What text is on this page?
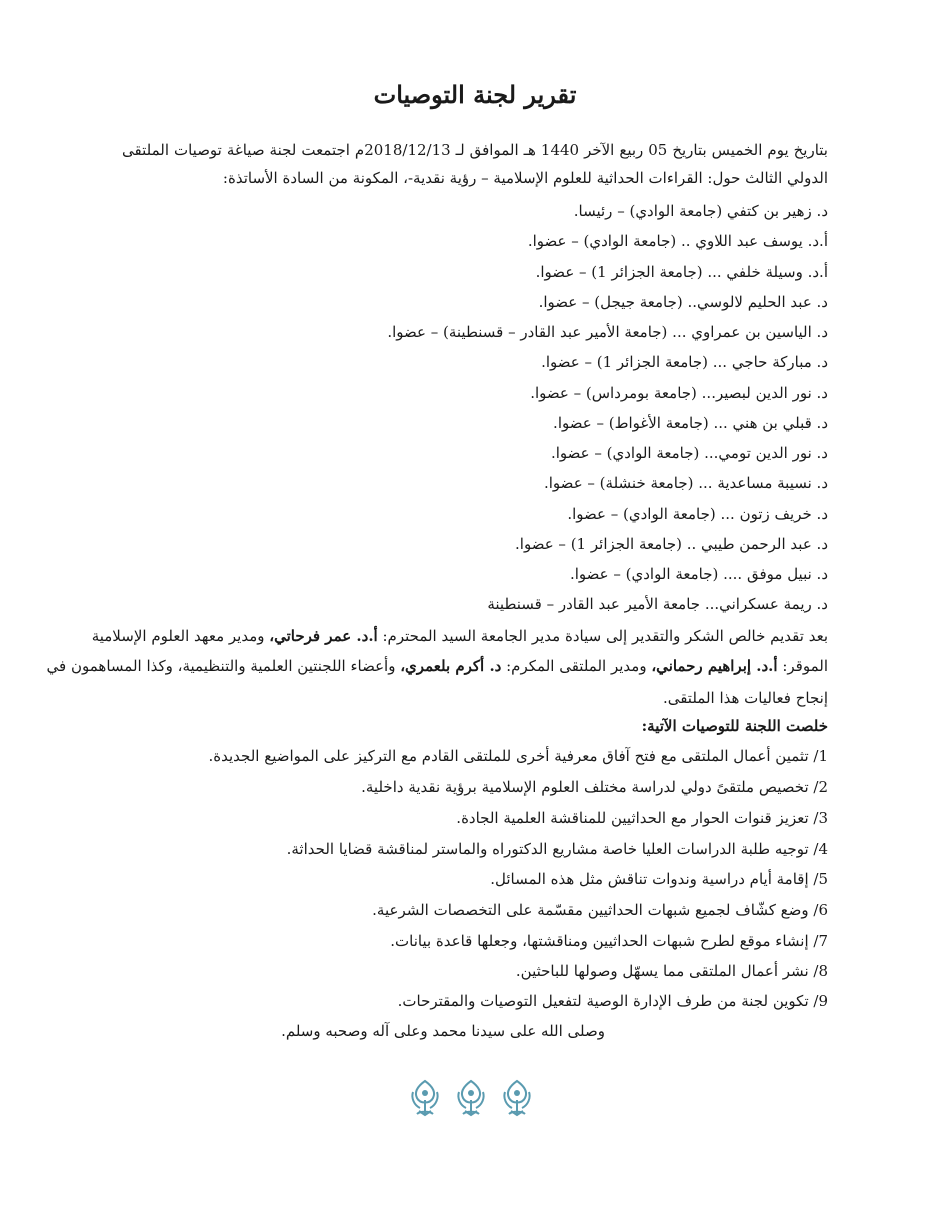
تقرير لجنة التوصيات

بتاريخ يوم الخميس بتاريخ 05 ربيع الآخر 1440 هـ الموافق لـ 2018/12/13م اجتمعت لجنة صياغة توصيات الملتقى

الدولي الثالث حول: القراءات الحداثية للعلوم الإسلامية – رؤية نقدية-، المكونة من السادة الأساتذة:

د. زهير بن كتفي (جامعة الوادي) – رئيسا.

أ.د. يوسف عبد اللاوي .. (جامعة الوادي) – عضوا.

أ.د. وسيلة خلفي ... (جامعة الجزائر 1) – عضوا.

د. عبد الحليم لالوسي.. (جامعة جيجل) – عضوا.

د. الياسين بن عمراوي ... (جامعة الأمير عبد القادر – قسنطينة) – عضوا.

د. مباركة حاجي ... (جامعة الجزائر 1) – عضوا.

د. نور الدين لبصير... (جامعة بومرداس) – عضوا.

د. قبلي بن هني ... (جامعة الأغواط) – عضوا.

د. نور الدين تومي... (جامعة الوادي) – عضوا.

د. نسيبة مساعدية ... (جامعة خنشلة) – عضوا.

د. خريف زتون ... (جامعة الوادي) – عضوا.

د. عبد الرحمن طيبي .. (جامعة الجزائر 1) – عضوا.

د. نبيل موفق .... (جامعة الوادي) – عضوا.

د. ريمة عسكراني... جامعة الأمير عبد القادر – قسنطينة

بعد تقديم خالص الشكر والتقدير إلى سيادة مدير الجامعة السيد المحترم: أ.د. عمر فرحاتي، ومدير معهد العلوم الإسلامية

الموقر: أ.د. إبراهيم رحماني، ومدير الملتقى المكرم: د. أكرم بلعمري، وأعضاء اللجنتين العلمية والتنظيمية، وكذا المساهمون في

إنجاح فعاليات هذا الملتقى.

خلصت اللجنة للتوصيات الآتية:

1/ تثمين أعمال الملتقى مع فتح آفاق معرفية أخرى للملتقى القادم مع التركيز على المواضيع الجديدة.

2/ تخصيص ملتقىً دولي لدراسة مختلف العلوم الإسلامية برؤية نقدية داخلية.

3/ تعزيز قنوات الحوار مع الحداثيين للمناقشة العلمية الجادة.

4/ توجيه طلبة الدراسات العليا خاصة مشاريع الدكتوراه والماستر لمناقشة قضايا الحداثة.

5/ إقامة أيام دراسية وندوات تناقش مثل هذه المسائل.

6/ وضع كشّاف لجميع شبهات الحداثيين مقسّمة على التخصصات الشرعية.

7/ إنشاء موقع لطرح شبهات الحداثيين ومناقشتها، وجعلها قاعدة بيانات.

8/ نشر أعمال الملتقى مما يسهّل وصولها للباحثين.

9/ تكوين لجنة من طرف الإدارة الوصية لتفعيل التوصيات والمقترحات.

وصلى الله على سيدنا محمد وعلى آله وصحبه وسلم.
